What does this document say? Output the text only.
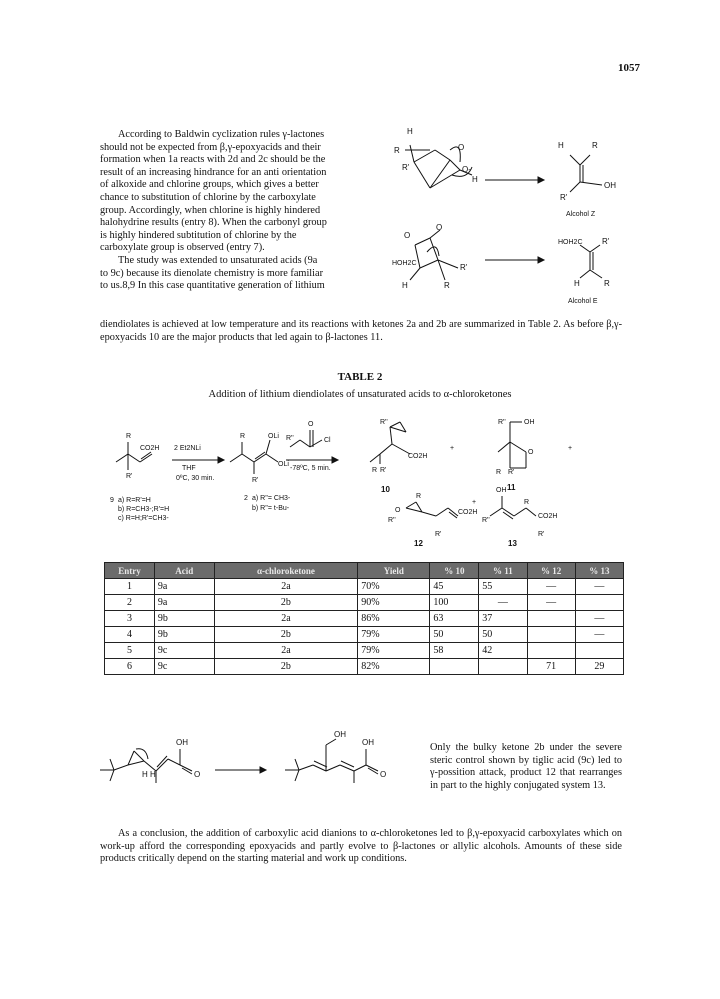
1057

According to Baldwin cyclization rules γ-lactones

should not be expected from β,γ-epoxyacids and their

formation when 1a reacts with 2d and 2c should be the

result of an increasing hindrance for an anti orientation

of alkoxide and chlorine groups, which gives a better

chance to substitution of chlorine by the carboxylate

group. Accordingly, when chlorine is highly hindered

halohydrine results (entry 8). When the carbonyl group

is highly hindered subtitution of chlorine by the

carboxylate group is observed (entry 7).

The study was extended to unsaturated acids (9a

to 9c) because its dienolate chemistry is more familiar

to us.8,9 In this case quantitative generation of lithium

diendiolates is achieved at low temperature and its reactions with ketones 2a and 2b are summarized in Table 2. As before β,γ-epoxyacids 10 are the major products that led again to β-lactones 11.
H
R
R'
O
O-
H
H	R
R'
OH
Alcohol Z
O
O
HOH2C	R'
H	R
HOH2C R'
H	R
Alcohol E
TABLE 2
Addition of lithium diendiolates of unsaturated acids to α-chloroketones
R
CO2H
R'
2 Et2NLi
THF
0ºC, 30 min.
R	OLi
OLi
R'
O
R''	Cl
-78ºC, 5 min.
9 a) R=R'=H
b) R=CH3-;R'=H
c) R=H;R'=CH3-
2 a) R''= CH3-
b) R''= t-Bu-
R''
CO2H
R R'
10
+
R''	OH
O
R R'
11
+
O
R
R''
CO2H
R'
12
+
OH
R
R''
CO2H
R'
13
Entry	Acid	α-chloroketone	Yield	% 10	% 11	% 12	% 13
1	9a	2a	70%	45	55	—	—
2	9a	2b	90%	100	—	—	
3	9b	2a	86%	63	37		—
4	9b	2b	79%	50	50		—
5	9c	2a	79%	58	42		
6	9c	2b	82%			71	29
OH
O
H H
OH
OH
O
Only the bulky ketone 2b under the severe steric control shown by tiglic acid (9c) led to γ-possition attack, product 12 that rearranges in part to the highly conjugated system 13.

As a conclusion, the addition of carboxylic acid dianions to α-chloroketones led to β,γ-epoxyacid carboxylates which on work-up afford the corresponding epoxyacids and partly evolve to β-lactones or allylic alcohols. Amounts of these side products critically depend on the starting material and work up conditions.
